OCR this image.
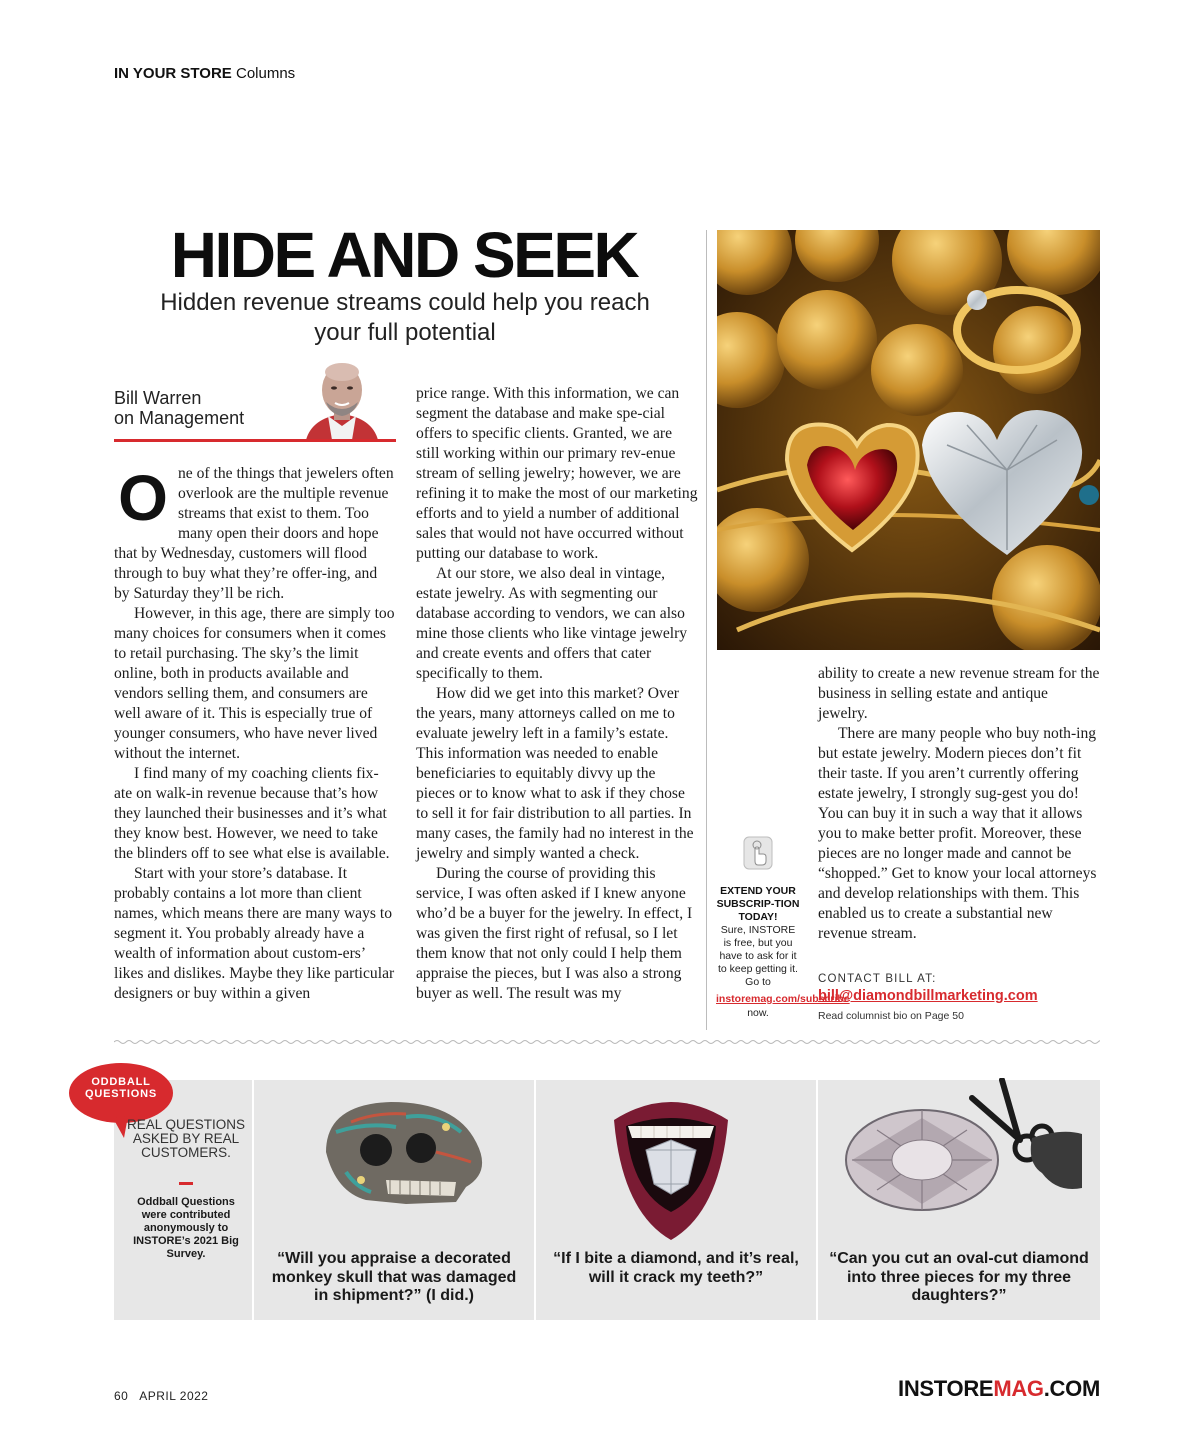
IN YOUR STORE Columns
HIDE AND SEEK
Hidden revenue streams could help you reach your full potential
Bill Warren
on Management
O ne of the things that jewelers often overlook are the multiple revenue streams that exist to them. Too many open their doors and hope that by Wednesday, customers will flood through to buy what they’re offer-ing, and by Saturday they’ll be rich.

However, in this age, there are simply too many choices for consumers when it comes to retail purchasing. The sky’s the limit online, both in products available and vendors selling them, and consumers are well aware of it. This is especially true of younger consumers, who have never lived without the internet.

I find many of my coaching clients fix-ate on walk-in revenue because that’s how they launched their businesses and it’s what they know best. However, we need to take the blinders off to see what else is available.

Start with your store’s database. It probably contains a lot more than client names, which means there are many ways to segment it. You probably already have a wealth of information about custom-ers’ likes and dislikes. Maybe they like particular designers or buy within a given

price range. With this information, we can segment the database and make spe-cial offers to specific clients. Granted, we are still working within our primary rev-enue stream of selling jewelry; however, we are refining it to make the most of our marketing efforts and to yield a number of additional sales that would not have occurred without putting our database to work.

At our store, we also deal in vintage, estate jewelry. As with segmenting our database according to vendors, we can also mine those clients who like vintage jewelry and create events and offers that cater specifically to them.

How did we get into this market? Over the years, many attorneys called on me to evaluate jewelry left in a family’s estate. This information was needed to enable beneficiaries to equitably divvy up the pieces or to know what to ask if they chose to sell it for fair distribution to all parties. In many cases, the family had no interest in the jewelry and simply wanted a check.

During the course of providing this service, I was often asked if I knew anyone who’d be a buyer for the jewelry. In effect, I was given the first right of refusal, so I let them know that not only could I help them appraise the pieces, but I was also a strong buyer as well. The result was my

ability to create a new revenue stream for the business in selling estate and antique jewelry.

There are many people who buy noth-ing but estate jewelry. Modern pieces don’t fit their taste. If you aren’t currently offering estate jewelry, I strongly sug-gest you do! You can buy it in such a way that it allows you to make better profit. Moreover, these pieces are no longer made and cannot be “shopped.” Get to know your local attorneys and develop relationships with them. This enabled us to create a substantial new revenue stream.

EXTEND YOUR SUBSCRIP-TION TODAY!
Sure, INSTORE is free, but you have to ask for it to keep getting it. Go to
instoremag.com/subscribe
now.
CONTACT BILL AT:
bill@diamondbillmarketing.com
Read columnist bio on Page 50
ODDBALL QUESTIONS
REAL QUESTIONS ASKED BY REAL CUSTOMERS.
Oddball Questions were contributed anonymously to INSTORE’s 2021 Big Survey.	“Will you appraise a decorated monkey skull that was damaged in shipment?” (I did.)
“If I bite a diamond, and it’s real, will it crack my teeth?”
“Can you cut an oval-cut diamond into three pieces for my three daughters?”
60 APRIL 2022	INSTOREMAG.COM
